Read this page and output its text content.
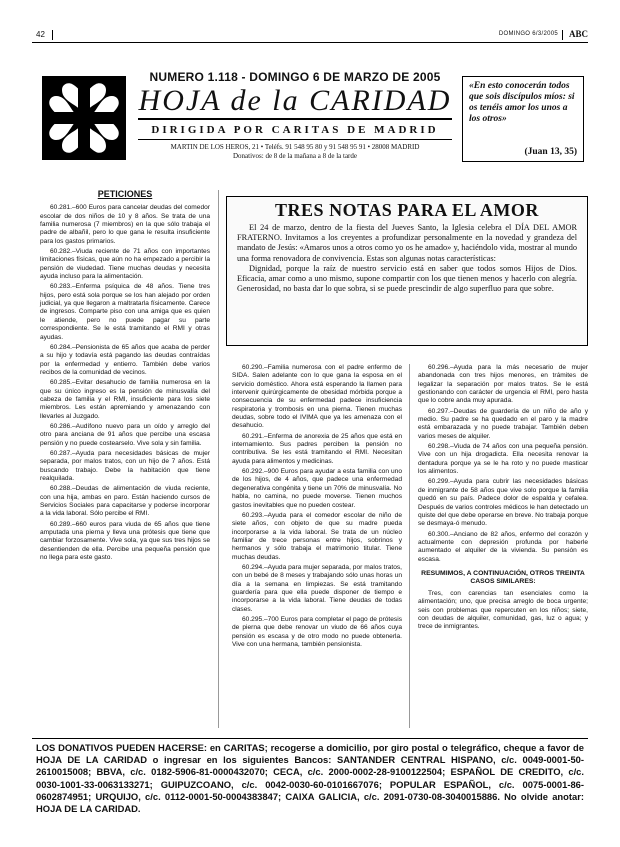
42	DOMINGO 6/3/2005 ABC
NUMERO 1.118 - DOMINGO 6 DE MARZO DE 2005
HOJA de la CARIDAD
DIRIGIDA POR CARITAS DE MADRID
MARTIN DE LOS HEROS, 21 • Teléfs. 91 548 95 80 y 91 548 95 91 • 28008 MADRID
Donativos: de 8 de la mañana a 8 de la tarde
«En esto conocerán todos que sois discípulos míos: si os tenéis amor los unos a los otros»
(Juan 13, 35)
PETICIONES

60.281.–600 Euros para cancelar deudas del comedor escolar de dos niños de 10 y 8 años. Se trata de una familia numerosa (7 miembros) en la que sólo trabaja el padre de albañil, pero lo que gana le resulta insuficiente para los gastos primarios.

60.282.–Viuda reciente de 71 años con importantes limitaciones físicas, que aún no ha empezado a percibir la pensión de viudedad. Tiene muchas deudas y necesita ayuda incluso para la alimentación.

60.283.–Enferma psíquica de 48 años. Tiene tres hijos, pero está sola porque se los han alejado por orden judicial, ya que llegaron a maltratarla físicamente. Carece de ingresos. Comparte piso con una amiga que es quien le atiende, pero no puede pagar su parte correspondiente. Se le está tramitando el RMI y otras ayudas.

60.284.–Pensionista de 65 años que acaba de perder a su hijo y todavía está pagando las deudas contraídas por la enfermedad y entierro. También debe varios recibos de la comunidad de vecinos.

60.285.–Evitar desahucio de familia numerosa en la que su único ingreso es la pensión de minusvalía del cabeza de familia y el RMI, insuficiente para los siete miembros. Les están apremiando y amenazando con llevarles al Juzgado.

60.286.–Audífono nuevo para un oído y arreglo del otro para anciana de 91 años que percibe una escasa pensión y no puede costearselo. Vive sola y sin familia.

60.287.–Ayuda para necesidades básicas de mujer separada, por malos tratos, con un hijo de 7 años. Está buscando trabajo. Debe la habitación que tiene realquilada.

60.288.–Deudas de alimentación de viuda reciente, con una hija, ambas en paro. Están haciendo cursos de Servicios Sociales para capacitarse y poderse incorporar a la vida laboral. Sólo percibe el RMI.

60.289.–660 euros para viuda de 65 años que tiene amputada una pierna y lleva una prótesis que tiene que cambiar forzosamente. Vive sola, ya que sus tres hijos se desentienden de ella. Percibe una pequeña pensión que no llega para este gasto.

TRES NOTAS PARA EL AMOR

El 24 de marzo, dentro de la fiesta del Jueves Santo, la Iglesia celebra el DÍA DEL AMOR FRATERNO. Invitamos a los creyentes a profundizar personalmente en la novedad y grandeza del mandato de Jesús: «Amaros unos a otros como yo os he amado» y, haciéndolo vida, mostrar al mundo una forma renovadora de convivencia. Estas son algunas notas características:

Dignidad, porque la raíz de nuestro servicio está en saber que todos somos Hijos de Dios. Eficacia, amar como a uno mismo, supone compartir con los que tienen menos y hacerlo con alegría. Generosidad, no basta dar lo que sobra, si se puede prescindir de algo superfluo para que sobre.

60.290.–Familia numerosa con el padre enfermo de SIDA. Salen adelante con lo que gana la esposa en el servicio doméstico. Ahora está esperando la llamen para intervenir quirúrgicamente de obesidad mórbida porque a consecuencia de su enfermedad padece insuficiencia respiratoria y trombosis en una pierna. Tienen muchas deudas, sobre todo el IVIMA que ya les amenaza con el desahucio.

60.291.–Enferma de anorexia de 25 años que está en internamiento. Sus padres perciben la pensión no contributiva. Se les está tramitando el RMI. Necesitan ayuda para alimentos y medicinas.

60.292.–900 Euros para ayudar a esta familia con uno de los hijos, de 4 años, que padece una enfermedad degenerativa congénita y tiene un 70% de minusvalía. No habla, no camina, no puede moverse. Tienen muchos gastos inevitables que no pueden costear.

60.293.–Ayuda para el comedor escolar de niño de siete años, con objeto de que su madre pueda incorporarse a la vida laboral. Se trata de un núcleo familiar de trece personas entre hijos, sobrinos y hermanos y sólo trabaja el matrimonio titular. Tiene muchas deudas.

60.294.–Ayuda para mujer separada, por malos tratos, con un bebé de 8 meses y trabajando sólo unas horas un día a la semana en limpiezas. Se está tramitando guardería para que ella puede disponer de tiempo e incorporarse a la vida laboral. Tiene deudas de todas clases.

60.295.–700 Euros para completar el pago de prótesis de pierna que debe renovar un viudo de 66 años cuya pensión es escasa y de otro modo no puede obtenerla. Vive con una hermana, también pensionista.

60.296.–Ayuda para la más necesario de mujer abandonada con tres hijos menores, en trámites de legalizar la separación por malos tratos. Se le está gestionando con carácter de urgencia el RMI, pero hasta que lo cobre anda muy apurada.

60.297.–Deudas de guardería de un niño de año y medio. Su padre se ha quedado en el paro y la madre está embarazada y no puede trabajar. También deben varios meses de alquiler.

60.298.–Viuda de 74 años con una pequeña pensión. Vive con un hija drogadicta. Ella necesita renovar la dentadura porque ya se le ha roto y no puede masticar los alimentos.

60.299.–Ayuda para cubrir las necesidades básicas de inmigrante de 58 años que vive solo porque la familia quedó en su país. Padece dolor de espalda y cefalea. Después de varios controles médicos le han detectado un quiste del que debe operarse en breve. No trabaja porque se desmaya-ó menudo.

60.300.–Anciano de 82 años, enfermo del corazón y actualmente con depresión profunda por haberle aumentado el alquiler de la vivienda. Su pensión es escasa.

RESUMIMOS, A CONTINUACIÓN, OTROS TREINTA CASOS SIMILARES:

Tres, con carencias tan esenciales como la alimentación; uno, que precisa arreglo de boca urgente; seis con problemas que repercuten en los niños; siete, con deudas de alquiler, comunidad, gas, luz o agua; y trece de inmigrantes.

LOS DONATIVOS PUEDEN HACERSE: en CARITAS; recogerse a domicilio, por giro postal o telegráfico, cheque a favor de HOJA DE LA CARIDAD o ingresar en los siguientes Bancos: SANTANDER CENTRAL HISPANO, c/c. 0049-0001-50-2610015008; BBVA, c/c. 0182-5906-81-0000432070; CECA, c/c. 2000-0002-28-9100122504; ESPAÑOL DE CREDITO, c/c. 0030-1001-33-0063133271; GUIPUZCOANO, c/c. 0042-0030-60-0101667076; POPULAR ESPAÑOL, c/c. 0075-0001-86-0602874951; URQUIJO, c/c. 0112-0001-50-0004383847; CAIXA GALICIA, c/c. 2091-0730-08-3040015886. No olvide anotar: HOJA DE LA CARIDAD.
